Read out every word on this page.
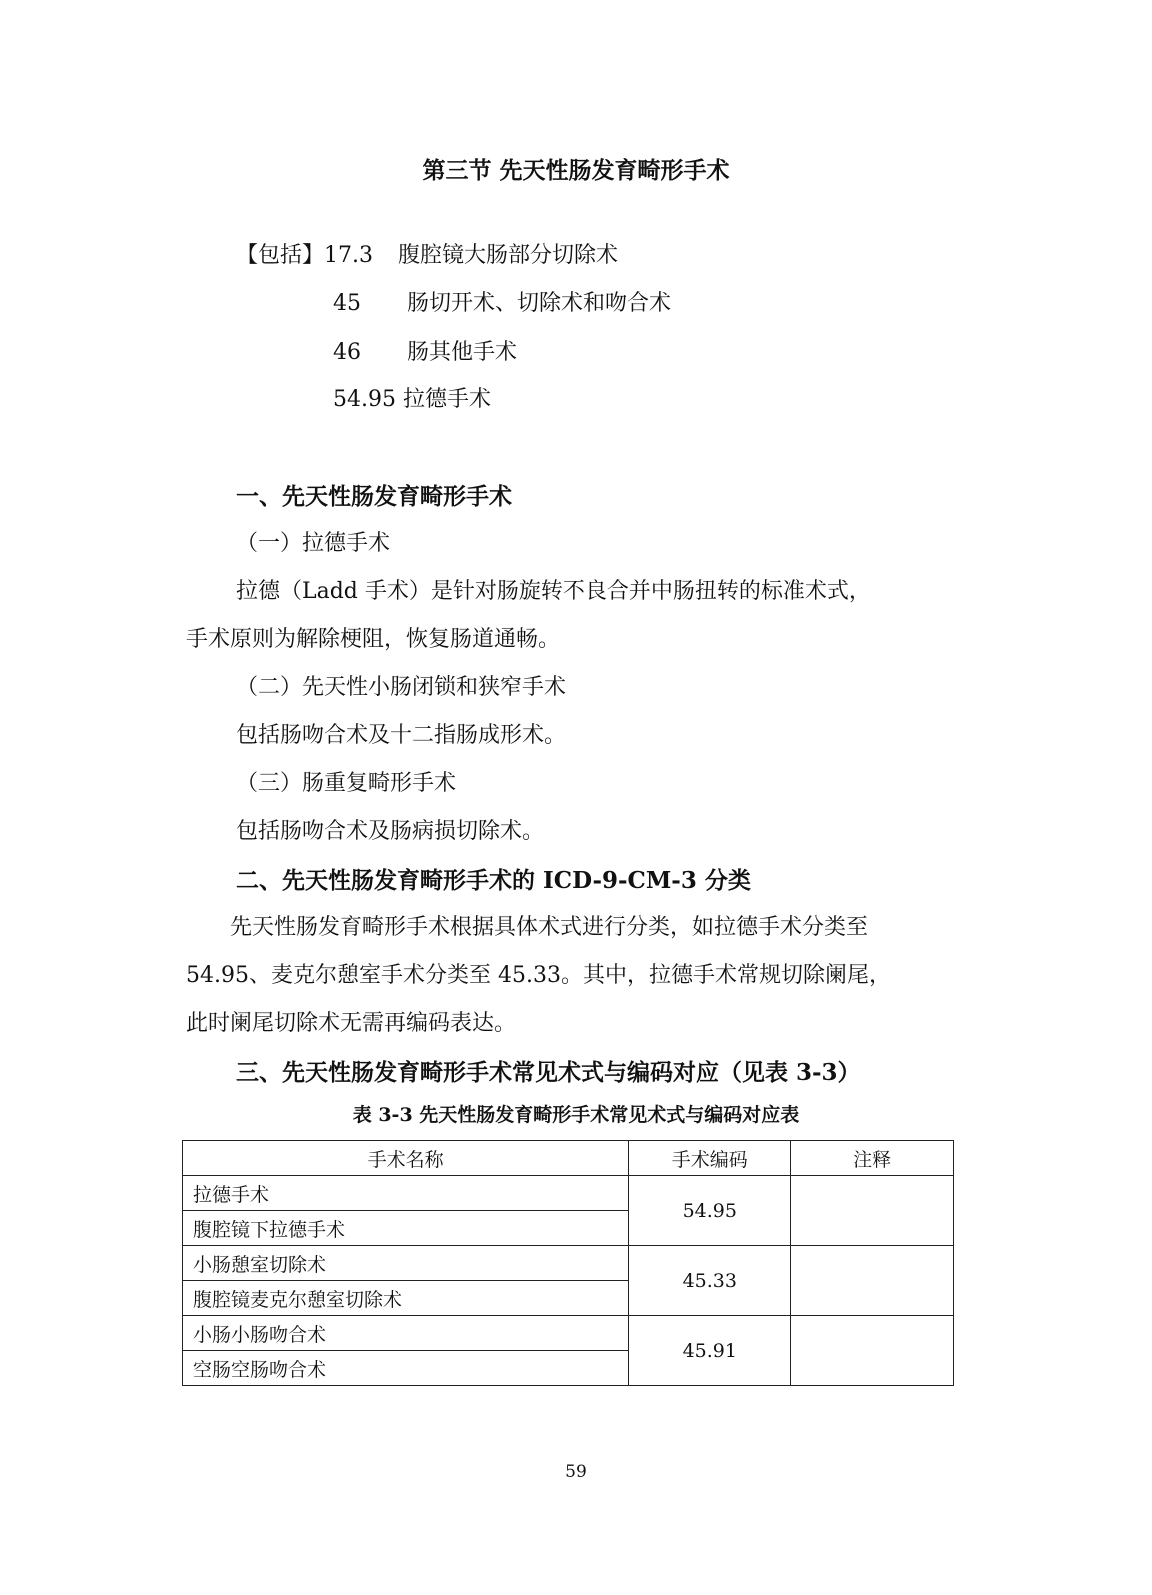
第三节 先天性肠发育畸形手术
【包括】17.3 腹腔镜大肠部分切除术
45 肠切开术、切除术和吻合术
46 肠其他手术
54.95 拉德手术
一、先天性肠发育畸形手术
（一）拉德手术
拉德（Ladd 手术）是针对肠旋转不良合并中肠扭转的标准术式，
手术原则为解除梗阻，恢复肠道通畅。
（二）先天性小肠闭锁和狭窄手术
包括肠吻合术及十二指肠成形术。
（三）肠重复畸形手术
包括肠吻合术及肠病损切除术。
二、先天性肠发育畸形手术的 ICD-9-CM-3 分类
先天性肠发育畸形手术根据具体术式进行分类，如拉德手术分类至
54.95、麦克尔憩室手术分类至 45.33。其中，拉德手术常规切除阑尾，
此时阑尾切除术无需再编码表达。
三、先天性肠发育畸形手术常见术式与编码对应（见表 3-3）
表 3-3 先天性肠发育畸形手术常见术式与编码对应表
手术名称	手术编码	注释
拉德手术	54.95	
腹腔镜下拉德手术		
小肠憩室切除术	45.33	
腹腔镜麦克尔憩室切除术		
小肠小肠吻合术	45.91	
空肠空肠吻合术		
59
